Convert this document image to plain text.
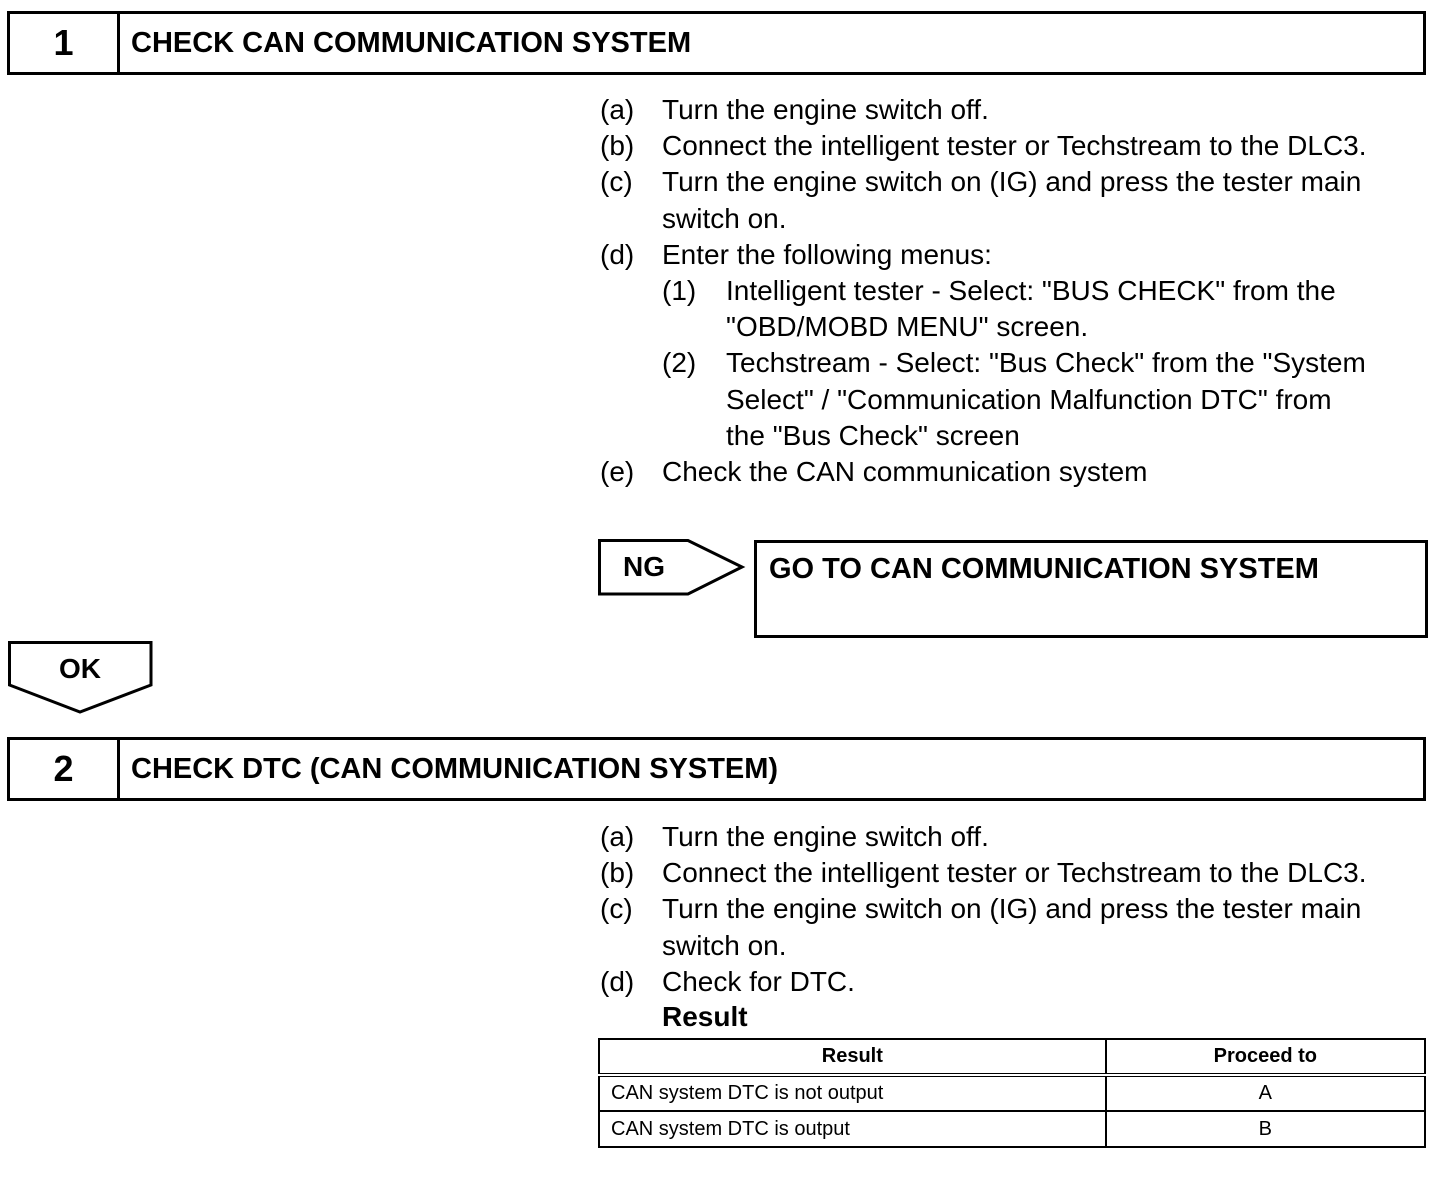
1	CHECK CAN COMMUNICATION SYSTEM
(a) Turn the engine switch off.
(b) Connect the intelligent tester or Techstream to the DLC3.
(c) Turn the engine switch on (IG) and press the tester main
switch on.
(d) Enter the following menus:
(1) Intelligent tester - Select: "BUS CHECK" from the
"OBD/MOBD MENU" screen.
(2) Techstream - Select: "Bus Check" from the "System
Select" / "Communication Malfunction DTC" from
the "Bus Check" screen
(e) Check the CAN communication system
NG	GO TO CAN COMMUNICATION SYSTEM
OK
2	CHECK DTC (CAN COMMUNICATION SYSTEM)
(a) Turn the engine switch off.
(b) Connect the intelligent tester or Techstream to the DLC3.
(c) Turn the engine switch on (IG) and press the tester main
switch on.
(d) Check for DTC.
Result
Result	Proceed to
CAN system DTC is not output	A
CAN system DTC is output	B
